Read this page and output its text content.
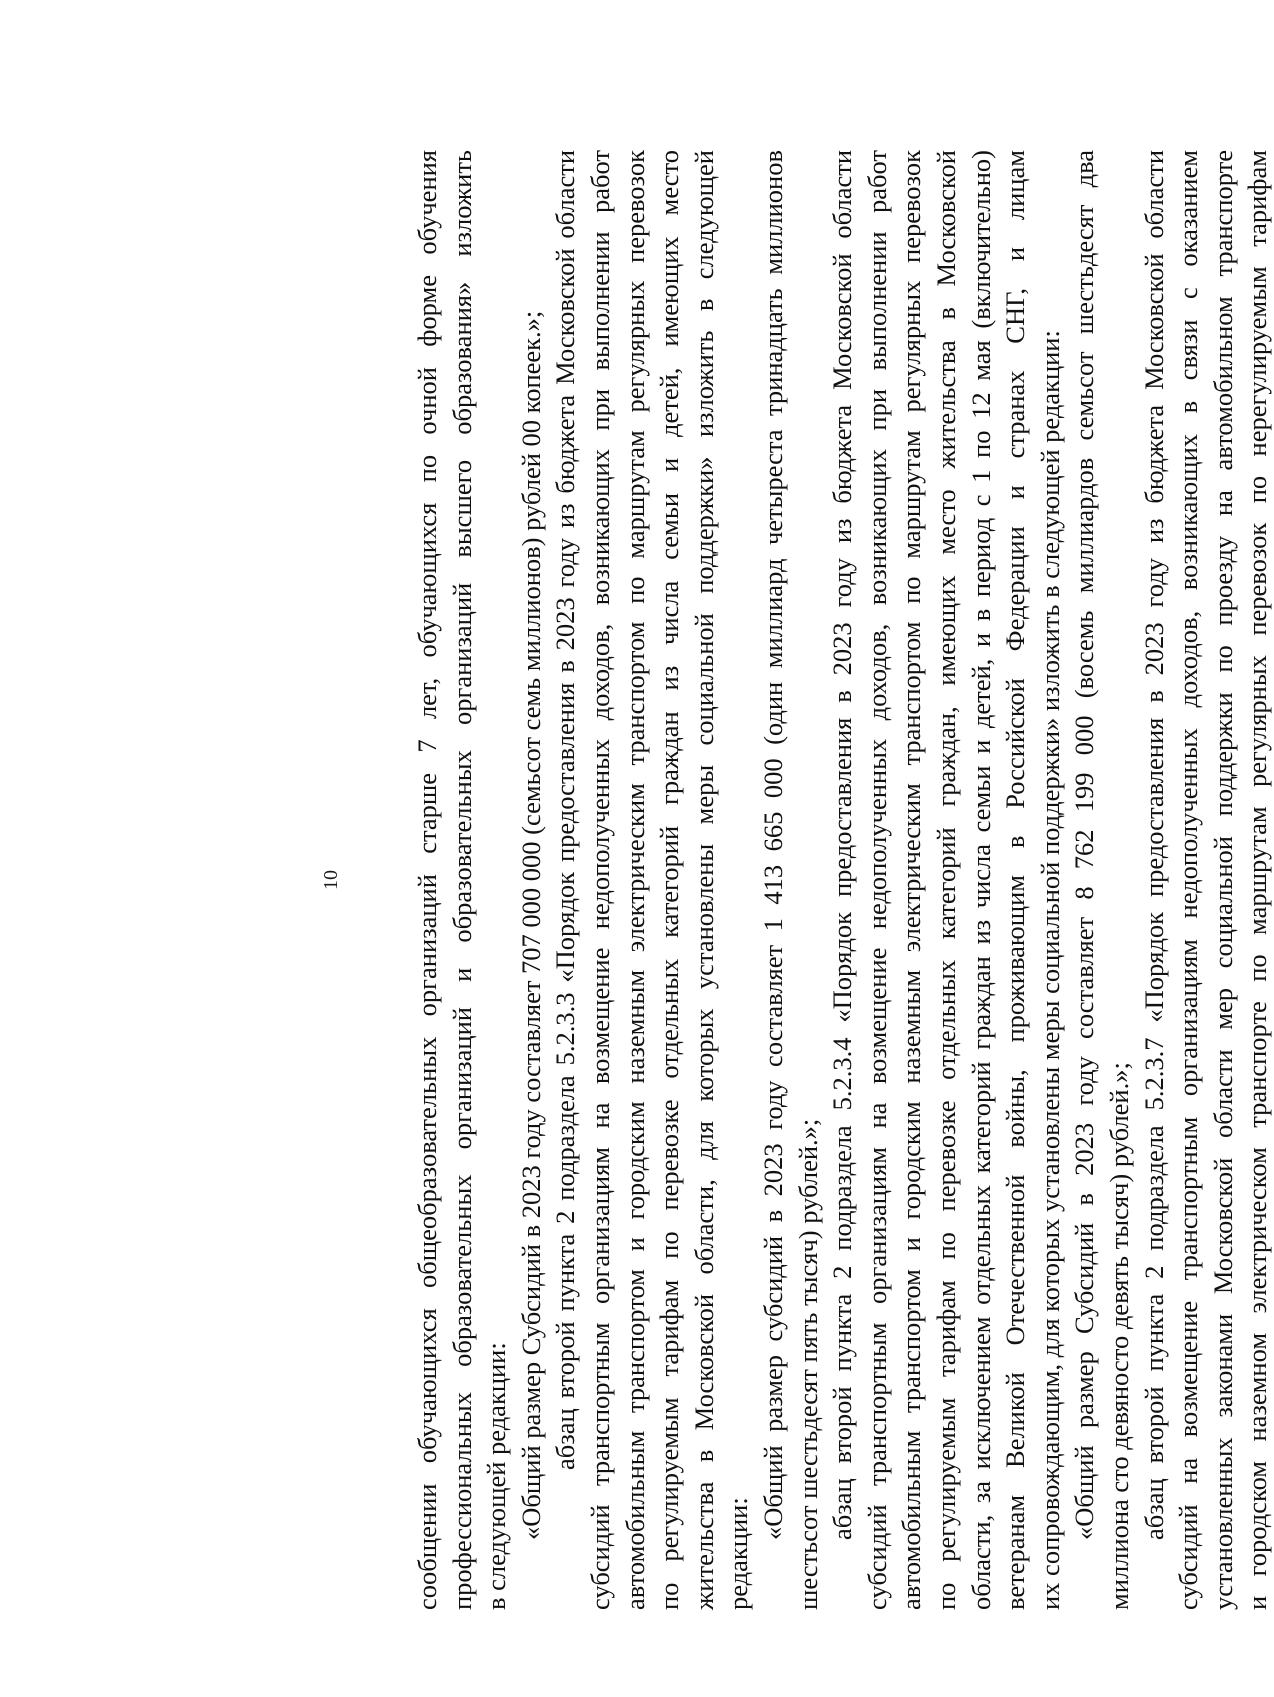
10	сообщении обучающихся общеобразовательных организаций старше 7 лет, обучающихся по очной форме обучения профессиональных образовательных организаций и образовательных организаций высшего образования» изложить в следующей редакции: «Общий размер Субсидий в 2023 году составляет 707 000 000 (семьсот семь миллионов) рублей 00 копеек.»; абзац второй пункта 2 подраздела 5.2.3.3 «Порядок предоставления в 2023 году из бюджета Московской области субсидий транспортным организациям на возмещение недополученных доходов, возникающих при выполнении работ автомобильным транспортом и городским наземным электрическим транспортом по маршрутам регулярных перевозок по регулируемым тарифам по перевозке отдельных категорий граждан из числа семьи и детей, имеющих место жительства в Московской области, для которых установлены меры социальной поддержки» изложить в следующей редакции:
«Общий размер субсидий в 2023 году составляет 1 413 665 000 (один миллиард четыреста тринадцать миллионов шестьсот шестьдесят пять тысяч) рублей.»; абзац второй пункта 2 подраздела 5.2.3.4 «Порядок предоставления в 2023 году из бюджета Московской области субсидий транспортным организациям на возмещение недополученных доходов, возникающих при выполнении работ автомобильным транспортом и городским наземным электрическим транспортом по маршрутам регулярных перевозок по регулируемым тарифам по перевозке отдельных категорий граждан, имеющих место жительства в Московской области, за исключением отдельных категорий граждан из числа семьи и детей, и в период с 1 по 12 мая (включительно) ветеранам Великой Отечественной войны, проживающим в Российской Федерации и странах СНГ, и лицам их сопровождающим, для которых установлены меры социальной поддержки» изложить в следующей редакции: «Общий размер Субсидий в 2023 году составляет 8 762 199 000 (восемь миллиардов семьсот шестьдесят два миллиона сто девяносто девять тысяч) рублей.»; абзац второй пункта 2 подраздела 5.2.3.7 «Порядок предоставления в 2023 году из бюджета Московской области субсидий на возмещение транспортным организациям недополученных доходов, возникающих в связи с оказанием установленных законами Московской области мер социальной поддержки по проезду на автомобильном транспорте и городском наземном электрическом транспорте по маршрутам регулярных перевозок по нерегулируемым тарифам
